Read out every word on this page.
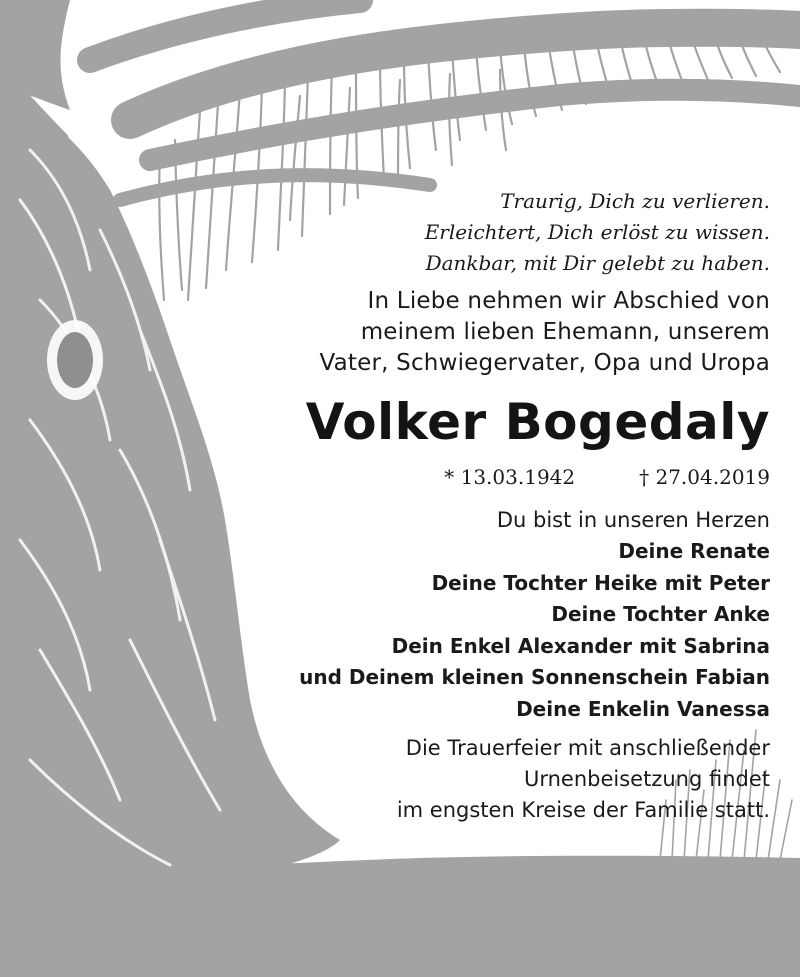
Traurig, Dich zu verlieren.
Erleichtert, Dich erlöst zu wissen.
Dankbar, mit Dir gelebt zu haben.
In Liebe nehmen wir Abschied von
meinem lieben Ehemann, unserem
Vater, Schwiegervater, Opa und Uropa
Volker Bogedaly
* 13.03.1942	† 27.04.2019
Du bist in unseren Herzen
Deine Renate
Deine Tochter Heike mit Peter
Deine Tochter Anke
Dein Enkel Alexander mit Sabrina
und Deinem kleinen Sonnenschein Fabian
Deine Enkelin Vanessa
Die Trauerfeier mit anschließender
Urnenbeisetzung findet
im engsten Kreise der Familie statt.
